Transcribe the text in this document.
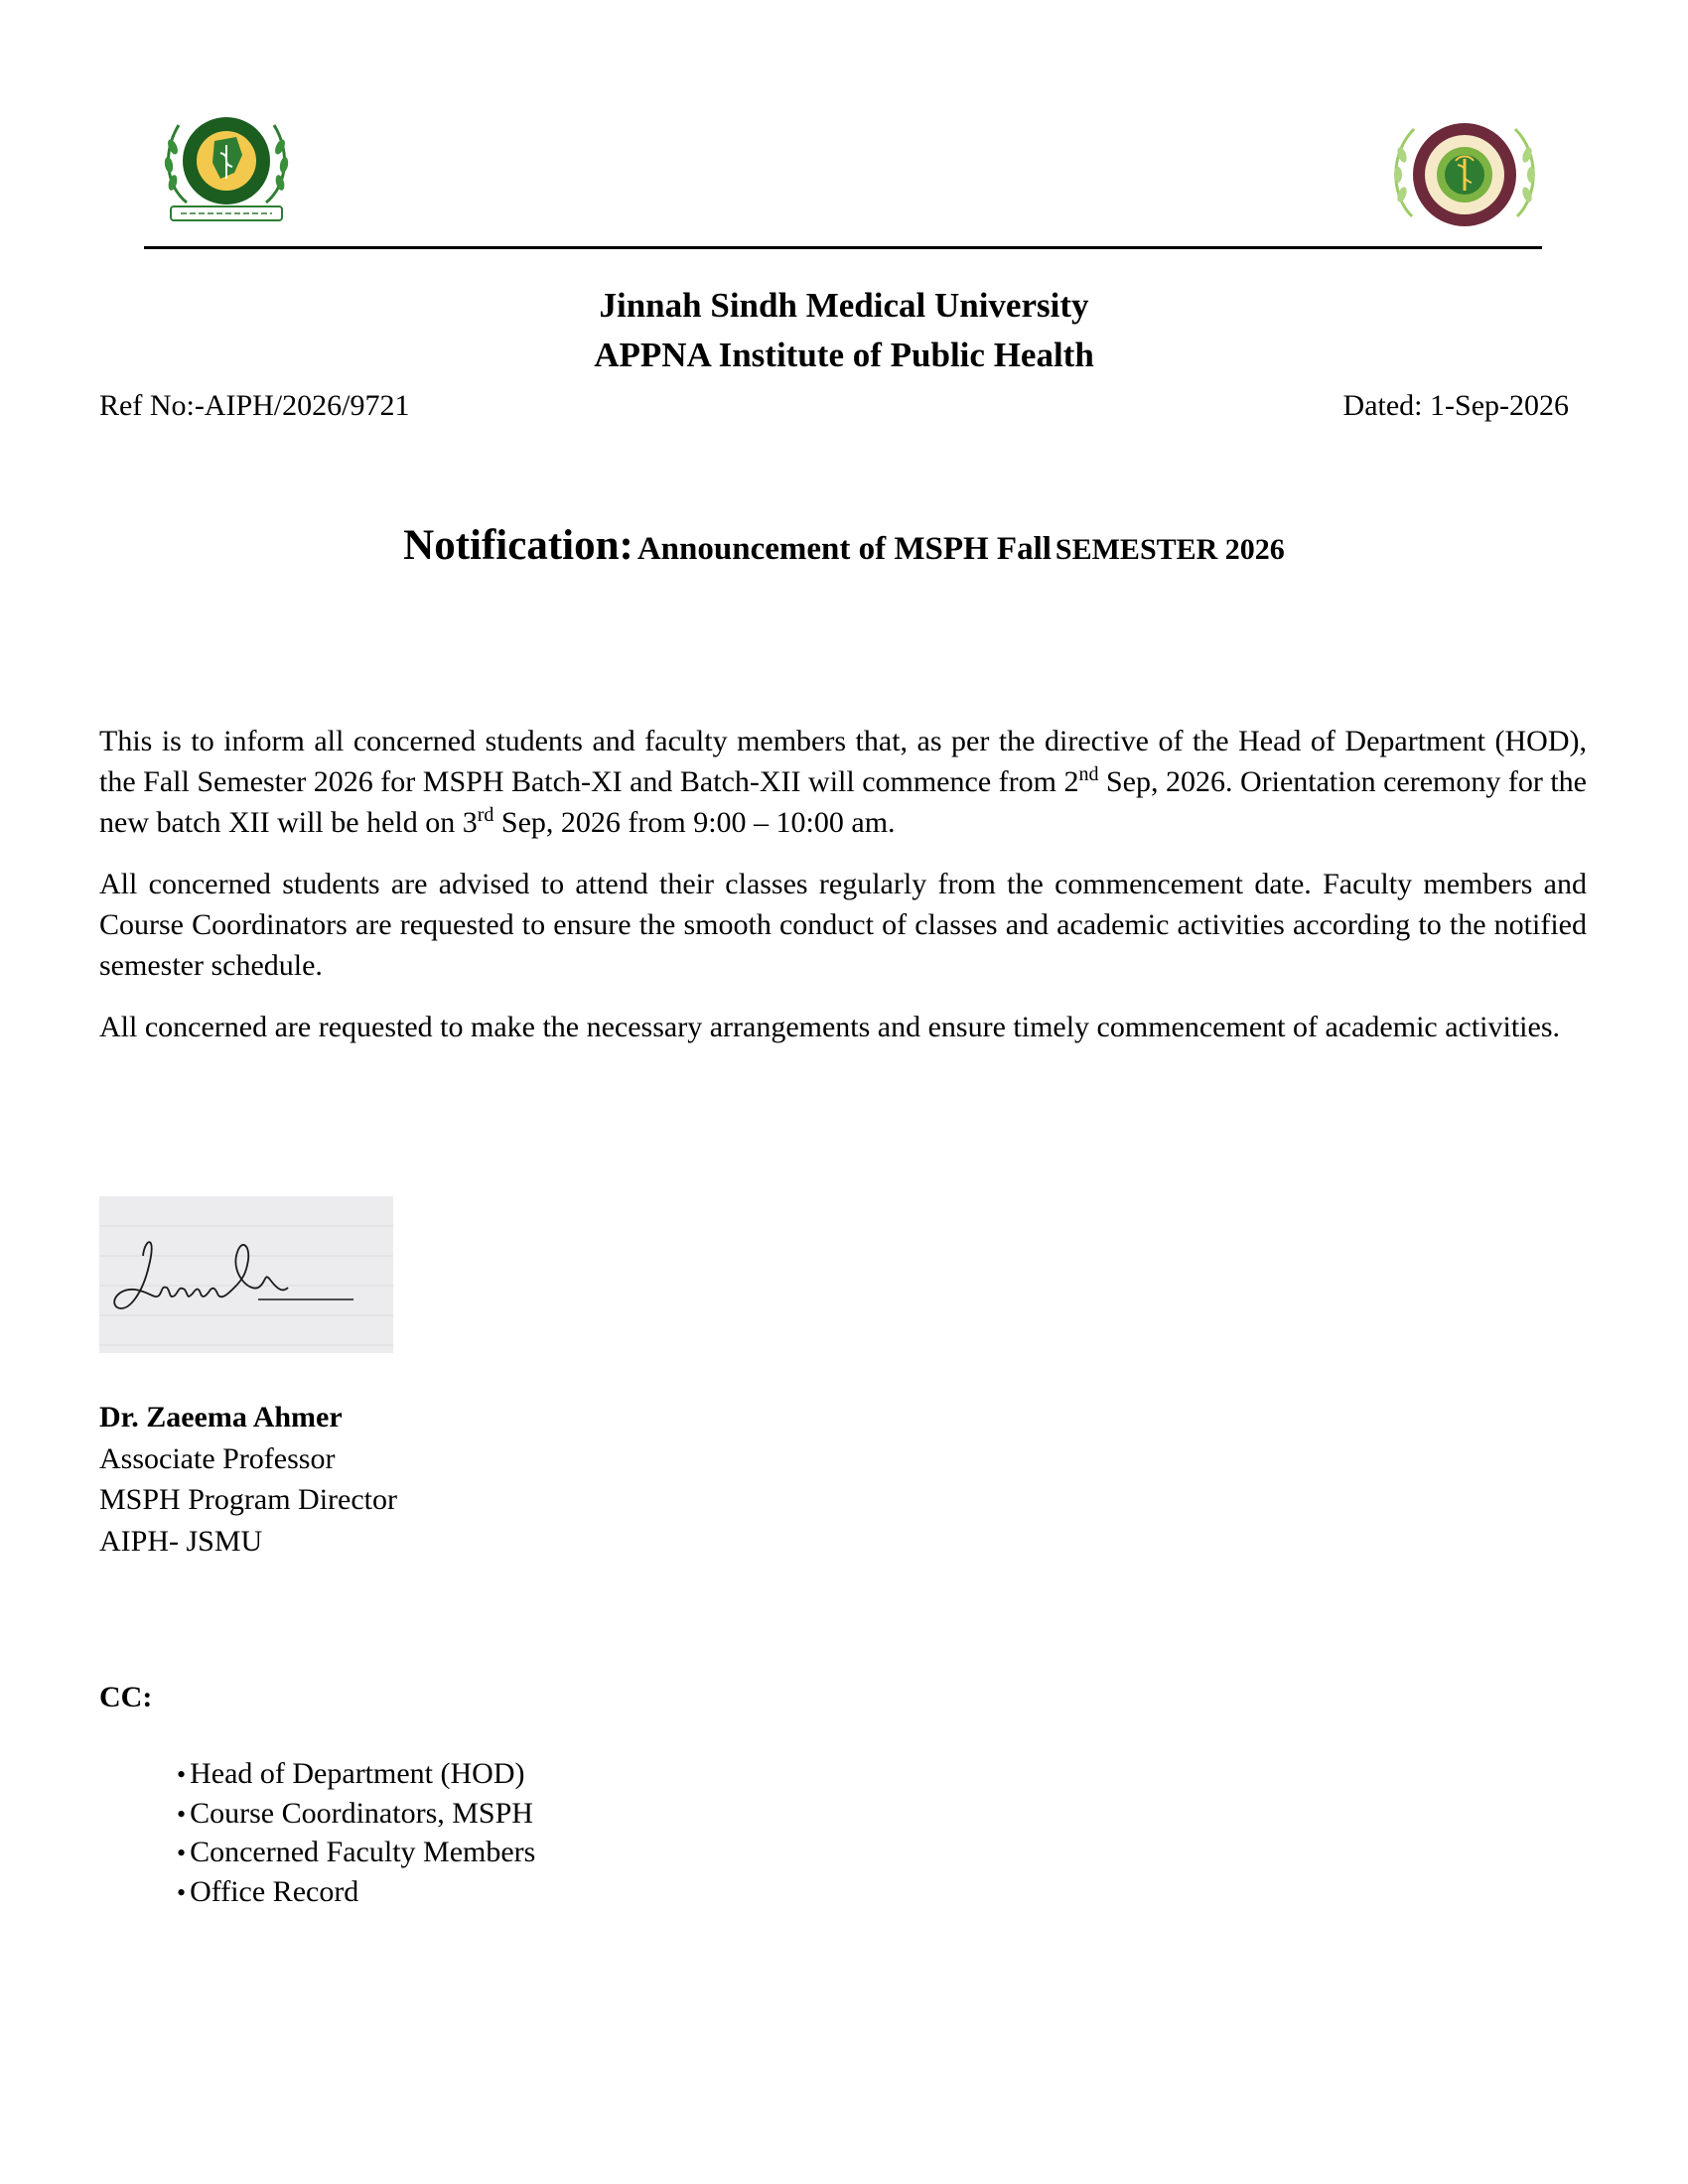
Jinnah Sindh Medical University
APPNA Institute of Public Health
Ref No:-AIPH/2026/9721	Dated: 1-Sep-2026
Notification: Announcement of MSPH Fall SEMESTER 2026

This is to inform all concerned students and faculty members that, as per the directive of the Head of Department (HOD), the Fall Semester 2026 for MSPH Batch-XI and Batch-XII will commence from 2nd Sep, 2026. Orientation ceremony for the new batch XII will be held on 3rd Sep, 2026 from 9:00 – 10:00 am.

All concerned students are advised to attend their classes regularly from the commencement date. Faculty members and Course Coordinators are requested to ensure the smooth conduct of classes and academic activities according to the notified semester schedule.

All concerned are requested to make the necessary arrangements and ensure timely commencement of academic activities.

Dr. Zaeema Ahmer
Associate Professor
MSPH Program Director
AIPH- JSMU
CC:
• Head of Department (HOD)
• Course Coordinators, MSPH
• Concerned Faculty Members
• Office Record
